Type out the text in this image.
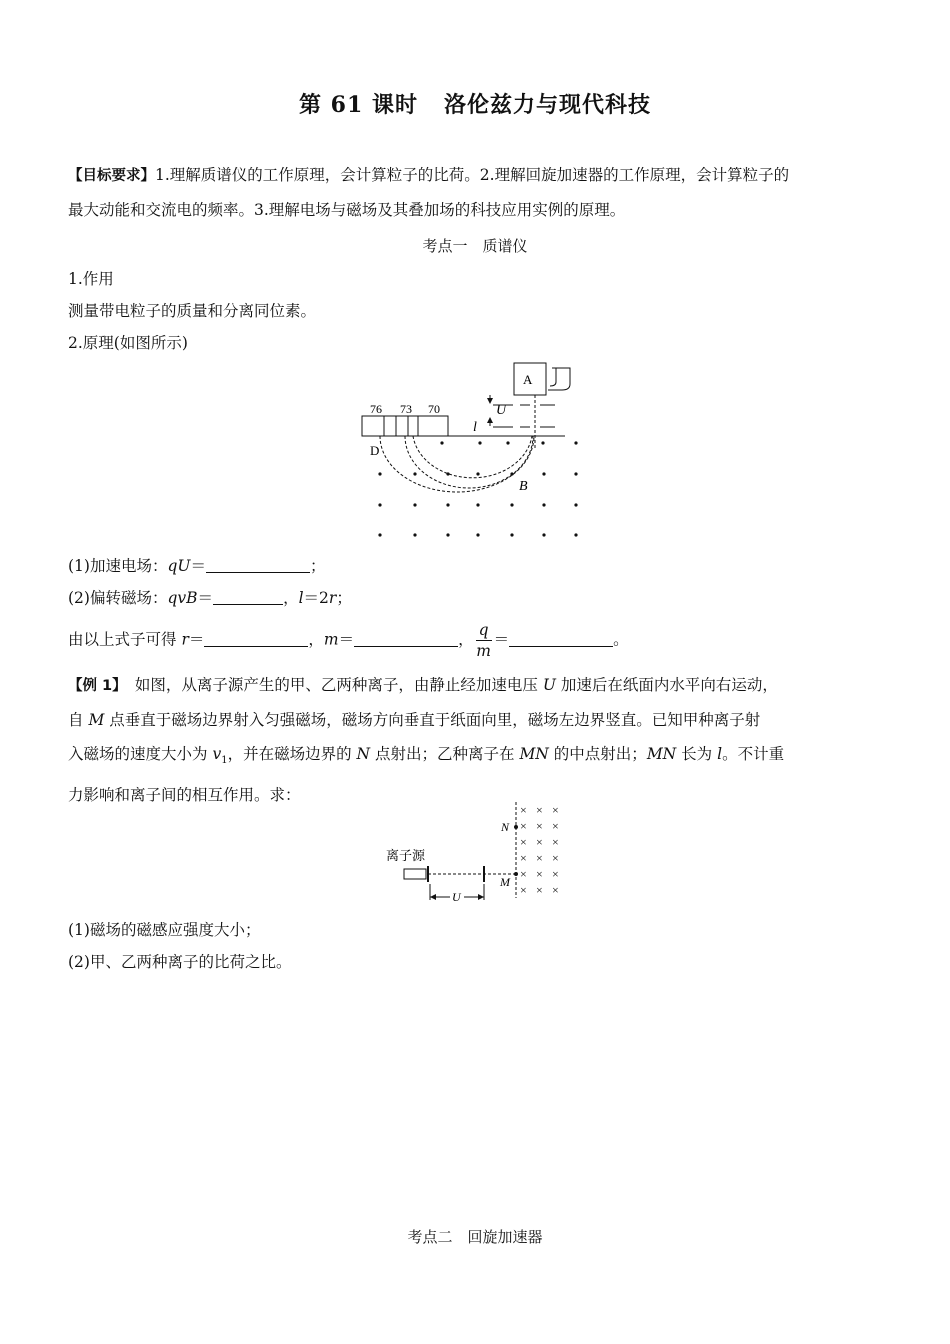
第 61 课时 洛伦兹力与现代科技
【目标要求】1.理解质谱仪的工作原理，会计算粒子的比荷。2.理解回旋加速器的工作原理，会计算粒子的
最大动能和交流电的频率。3.理解电场与磁场及其叠加场的科技应用实例的原理。
考点一　质谱仪
1.作用
测量带电粒子的质量和分离同位素。
2.原理(如图所示)
A
U
76 73 70
l
D
B
(1)加速电场：qU＝	；
(2)偏转磁场：qvB＝	，l＝2r；
由以上式子可得 r＝	，m＝	， $\frac{q}{m}$ ＝	。
【例 1】　如图，从离子源产生的甲、乙两种离子，由静止经加速电压 U 加速后在纸面内水平向右运动，
自 M 点垂直于磁场边界射入匀强磁场，磁场方向垂直于纸面向里，磁场左边界竖直。已知甲种离子射
入磁场的速度大小为 $v_1$，并在磁场边界的 N 点射出；乙种离子在 MN 的中点射出；MN 长为 l。不计重
力影响和离子间的相互作用。求：
离子源
U
N
M
× × ×
× × ×
× × ×
× × ×
× × ×
× × ×
(1)磁场的磁感应强度大小；
(2)甲、乙两种离子的比荷之比。
考点二　回旋加速器
